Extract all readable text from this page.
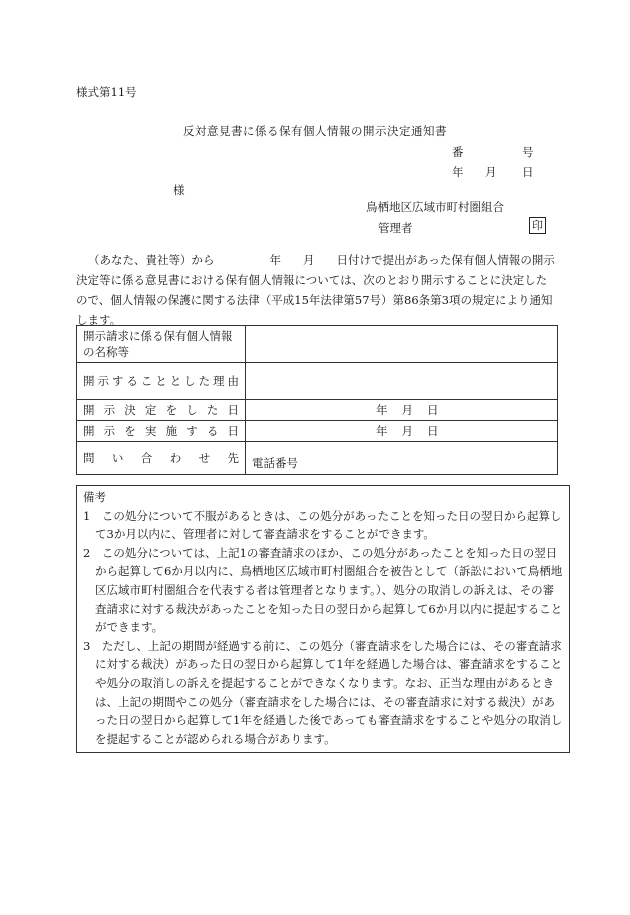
様式第11号
反対意見書に係る保有個人情報の開示決定通知書
番	号
年 月 日
様
鳥栖地区広域市町村圏組合
管理者	印
（あなた、貴社等）から	年 月 日付けで提出があった保有個人情報の開示決定等に係る意見書における保有個人情報については、次のとおり開示することに決定したので、個人情報の保護に関する法律（平成15年法律第57号）第86条第3項の規定により通知します。
開示請求に係る保有個人情報の名称等	
開示することとした理由	
開示決定をした日	年 月 日
開示を実施する日	年 月 日
問い合わせ先	電話番号
備考
1　この処分について不服があるときは、この処分があったことを知った日の翌日から起算して3か月以内に、管理者に対して審査請求をすることができます。
2　この処分については、上記1の審査請求のほか、この処分があったことを知った日の翌日から起算して6か月以内に、鳥栖地区広域市町村圏組合を被告として（訴訟において鳥栖地区広域市町村圏組合を代表する者は管理者となります。）、処分の取消しの訴えは、その審査請求に対する裁決があったことを知った日の翌日から起算して6か月以内に提起することができます。
3　ただし、上記の期間が経過する前に、この処分（審査請求をした場合には、その審査請求に対する裁決）があった日の翌日から起算して1年を経過した場合は、審査請求をすることや処分の取消しの訴えを提起することができなくなります。なお、正当な理由があるときは、上記の期間やこの処分（審査請求をした場合には、その審査請求に対する裁決）があった日の翌日から起算して1年を経過した後であっても審査請求をすることや処分の取消しを提起することが認められる場合があります。
